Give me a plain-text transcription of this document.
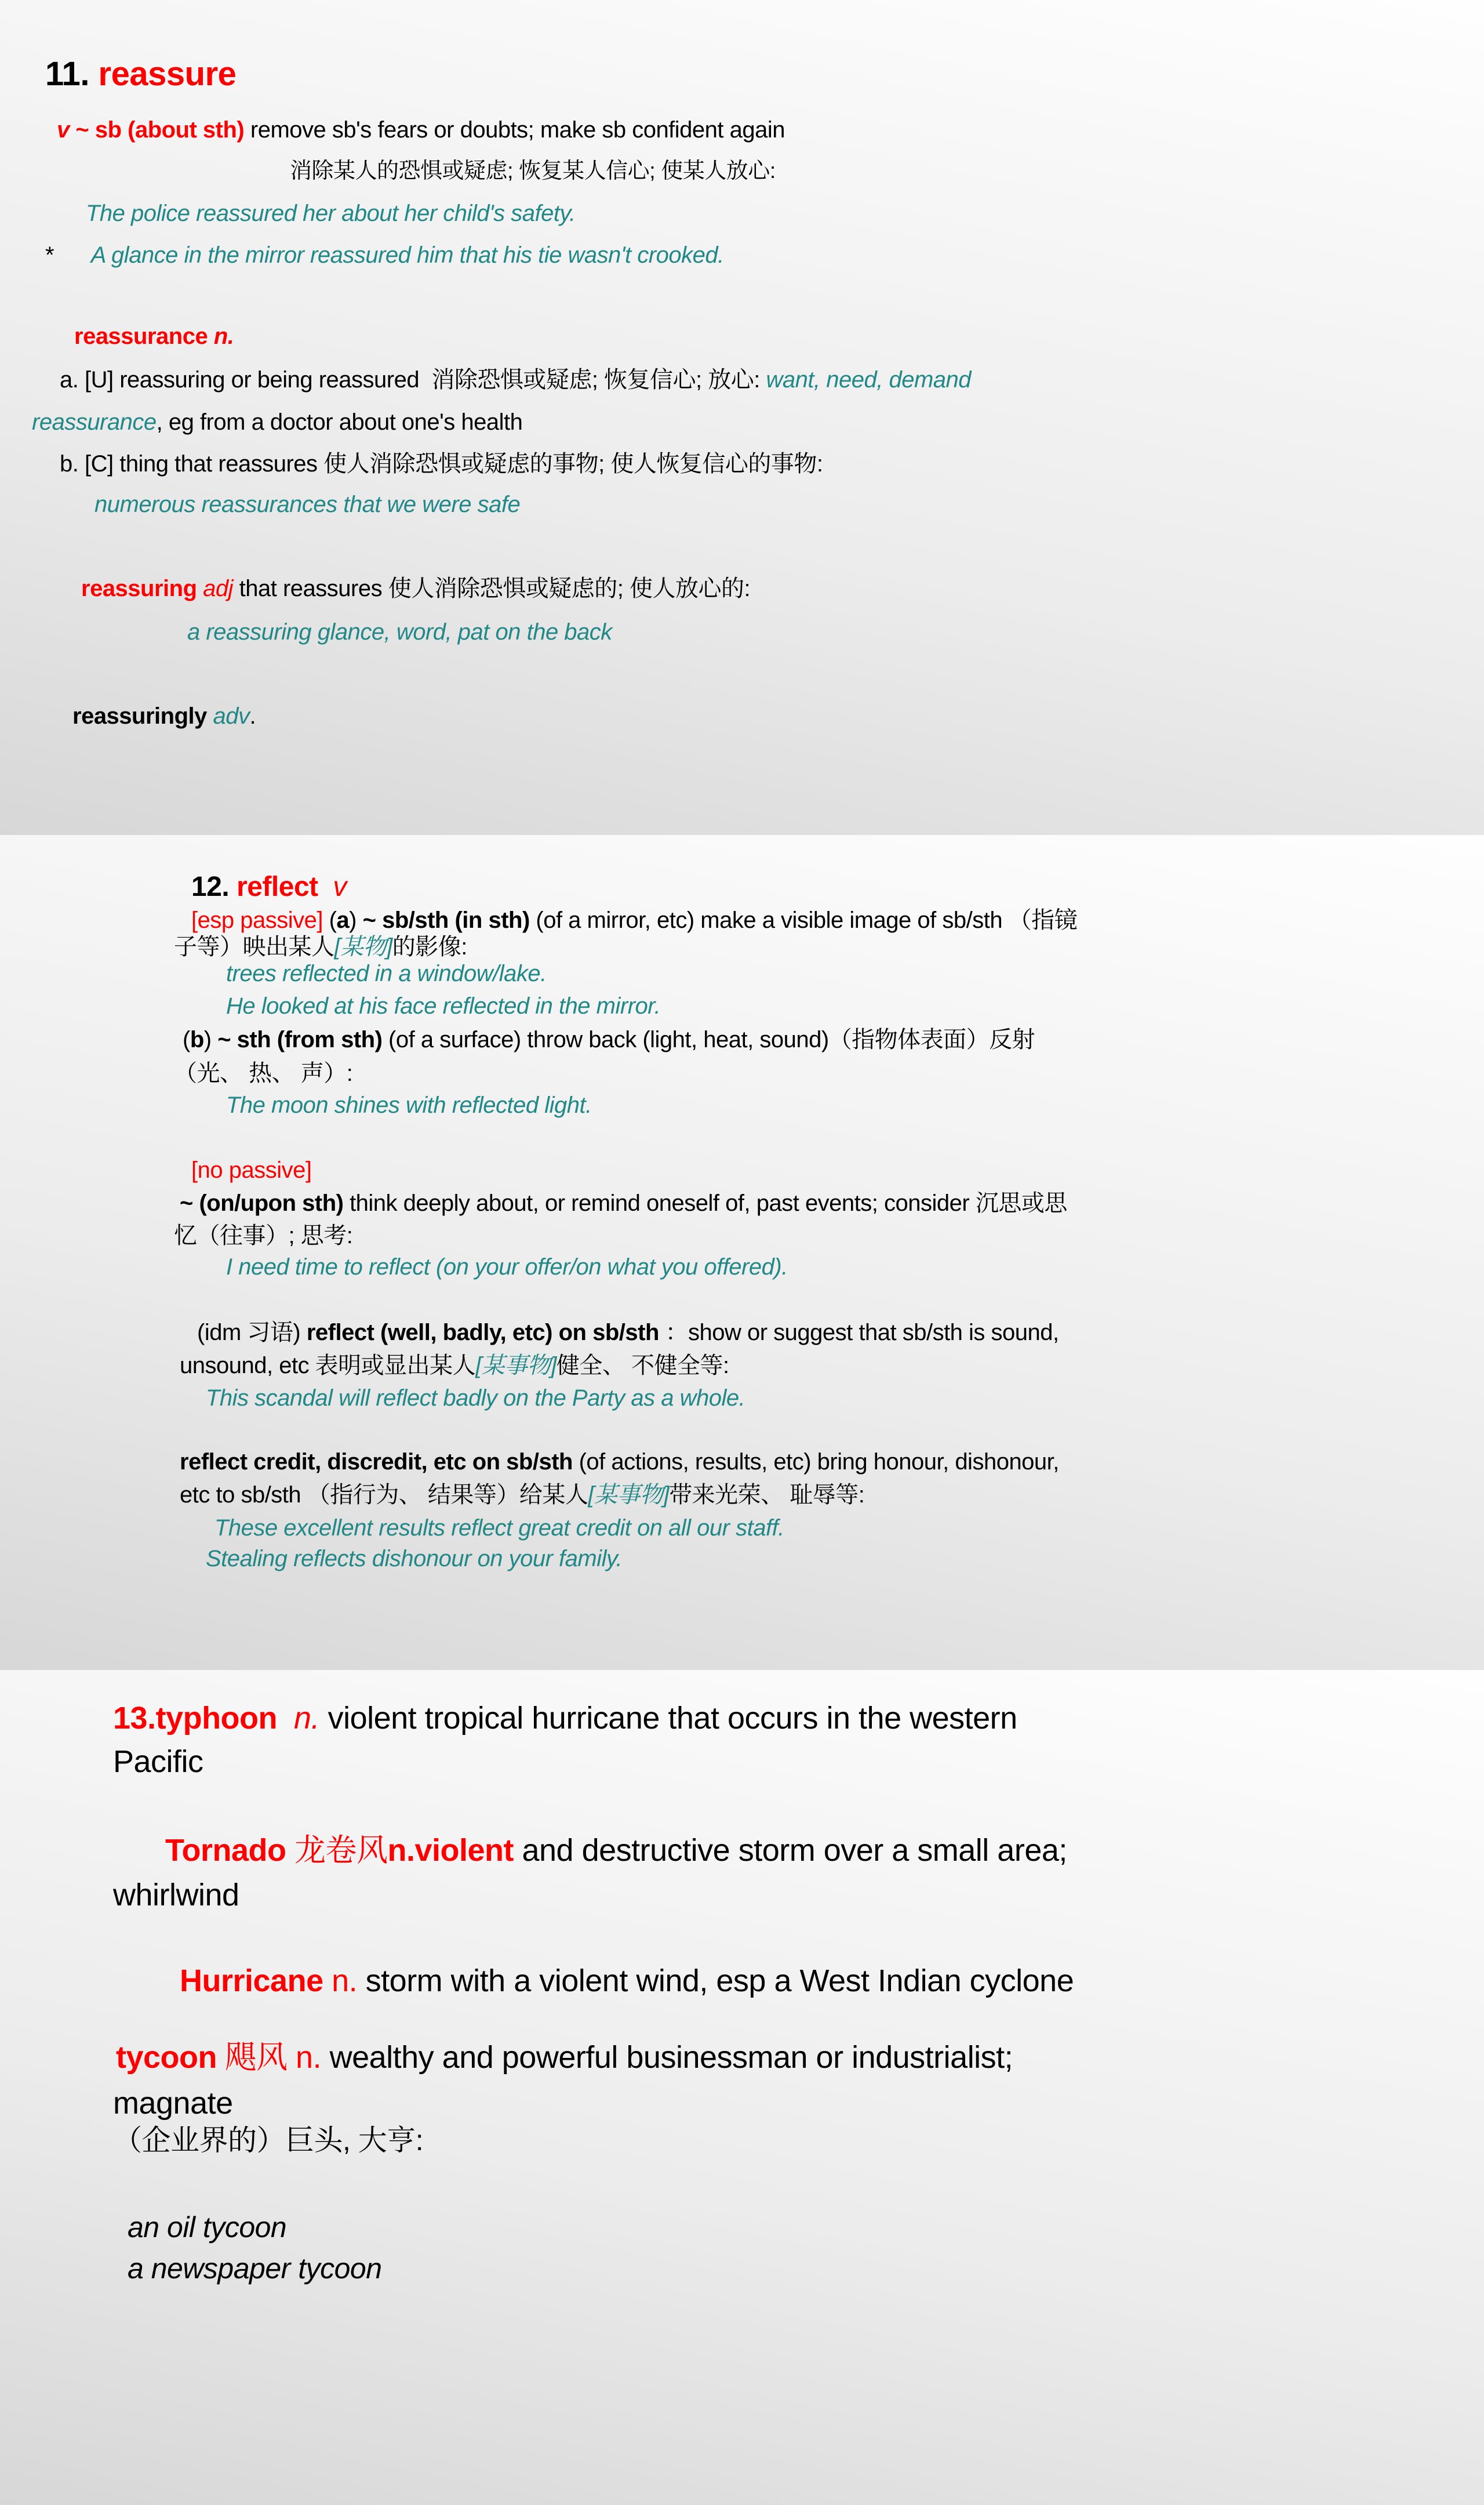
11. reassure
v ~ sb (about sth) remove sb's fears or doubts; make sb confident again
消除某人的恐惧或疑虑; 恢复某人信心; 使某人放心:
The police reassured her about her child's safety.
*      A glance in the mirror reassured him that his tie wasn't crooked.
reassurance n.
a. [U] reassuring or being reassured  消除恐惧或疑虑; 恢复信心; 放心: want, need, demand
reassurance, eg from a doctor about one's health
b. [C] thing that reassures 使人消除恐惧或疑虑的事物; 使人恢复信心的事物:
numerous reassurances that we were safe
reassuring adj that reassures 使人消除恐惧或疑虑的; 使人放心的:
a reassuring glance, word, pat on the back
reassuringly adv.
12. reflect  v
[esp passive] (a) ~ sb/sth (in sth) (of a mirror, etc) make a visible image of sb/sth （指镜
子等）映出某人[某物]的影像:
trees reflected in a window/lake.
He looked at his face reflected in the mirror.
(b) ~ sth (from sth) (of a surface) throw back (light, heat, sound)（指物体表面）反射
（光、 热、 声）:
The moon shines with reflected light.
[no passive]
~ (on/upon sth) think deeply about, or remind oneself of, past events; consider 沉思或思
忆（往事）; 思考:
I need time to reflect (on your offer/on what you offered).
(idm 习语) reflect (well, badly, etc) on sb/sth ：show or suggest that sb/sth is sound,
unsound, etc 表明或显出某人[某事物]健全、 不健全等:
This scandal will reflect badly on the Party as a whole.
reflect credit, discredit, etc on sb/sth (of actions, results, etc) bring honour, dishonour,
etc to sb/sth （指行为、 结果等）给某人[某事物]带来光荣、 耻辱等:
These excellent results reflect great credit on all our staff.
Stealing reflects dishonour on your family.
13.typhoon n. violent tropical hurricane that occurs in the western
Pacific
Tornado 龙卷风n.violent and destructive storm over a small area;
whirlwind
Hurricane n. storm with a violent wind, esp a West Indian cyclone
tycoon 飓风 n. wealthy and powerful businessman or industrialist;
magnate
（企业界的）巨头, 大亨:
an oil tycoon
a newspaper tycoon
